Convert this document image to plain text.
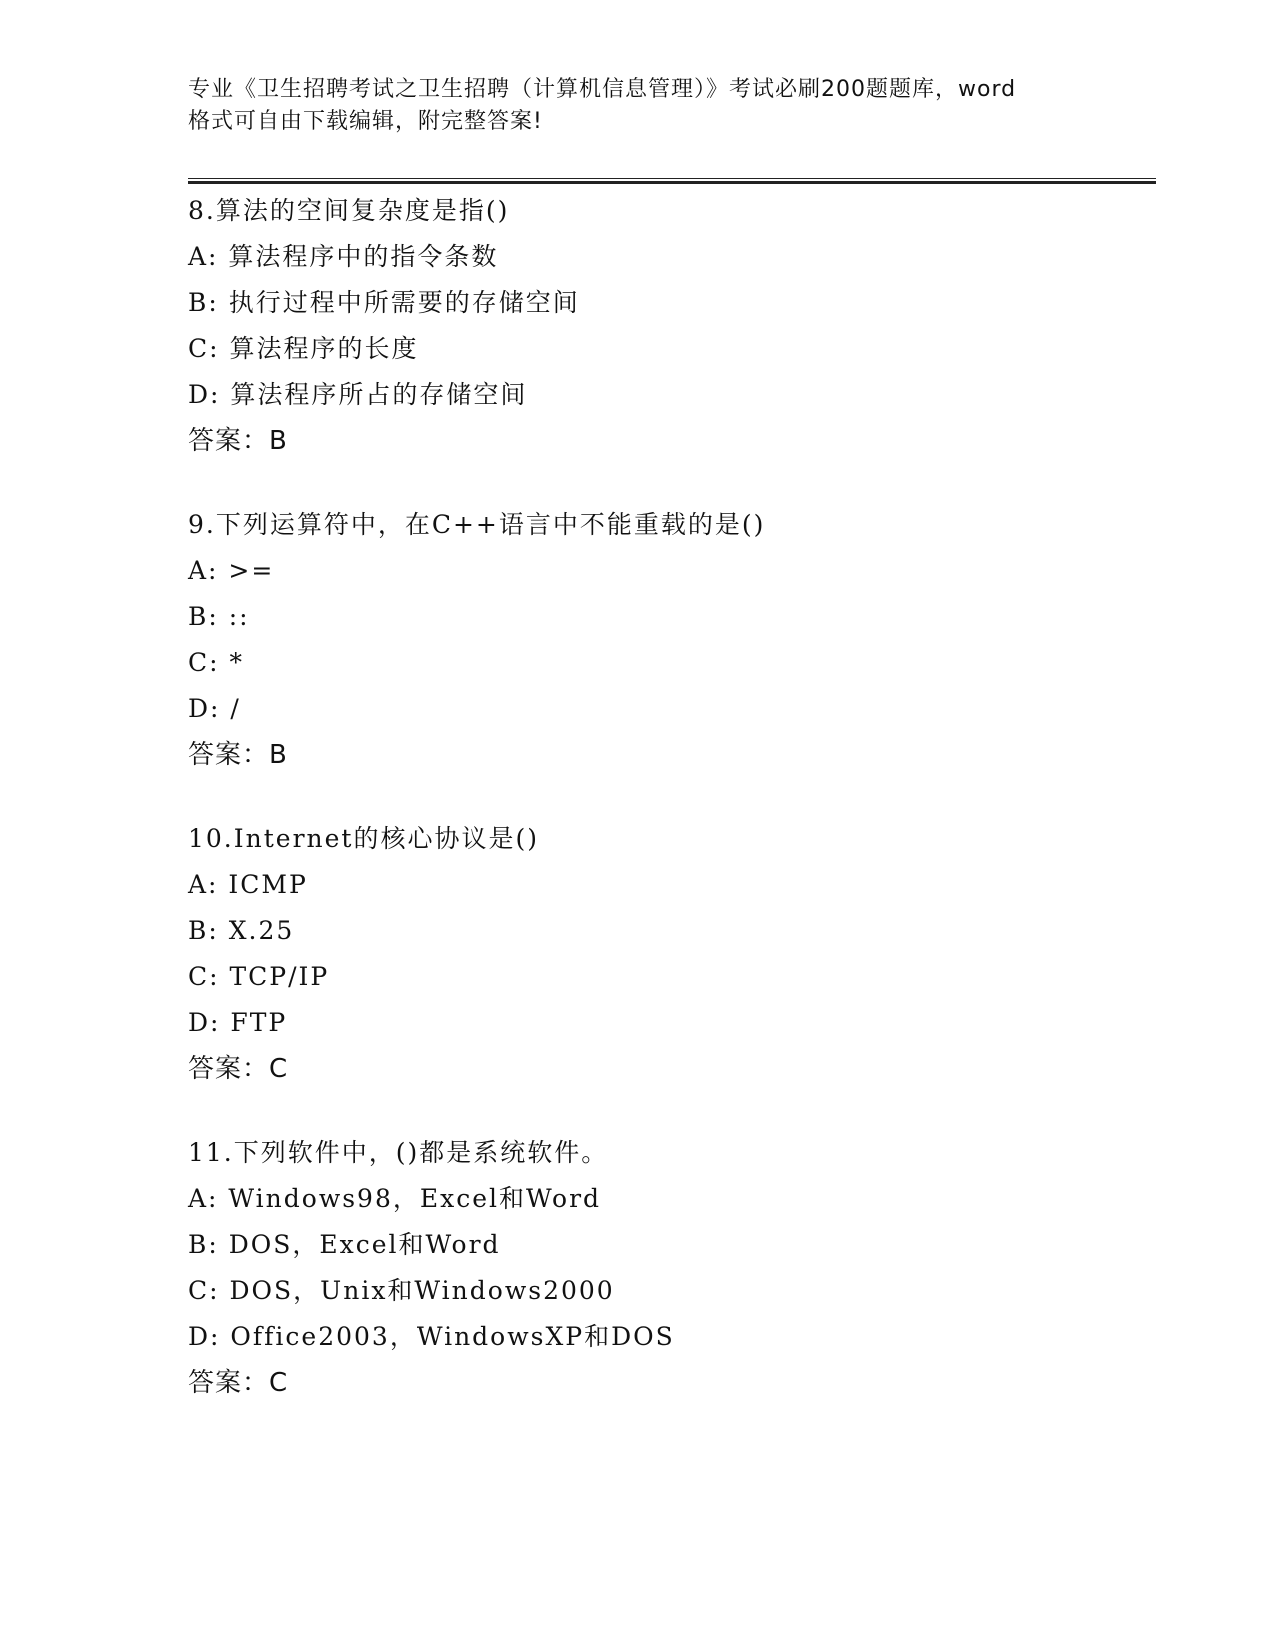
专业《卫生招聘考试之卫生招聘（计算机信息管理）》考试必刷200题题库，word
格式可自由下载编辑，附完整答案!
8.算法的空间复杂度是指()
A: 算法程序中的指令条数
B: 执行过程中所需要的存储空间
C: 算法程序的长度
D: 算法程序所占的存储空间
答案：B
9.下列运算符中，在C++语言中不能重载的是()
A: >=
B: ::
C: *
D: /
答案：B
10.Internet的核心协议是()
A: ICMP
B: X.25
C: TCP/IP
D: FTP
答案：C
11.下列软件中，()都是系统软件。
A: Windows98，Excel和Word
B: DOS，Excel和Word
C: DOS，Unix和Windows2000
D: Office2003，WindowsXP和DOS
答案：C
